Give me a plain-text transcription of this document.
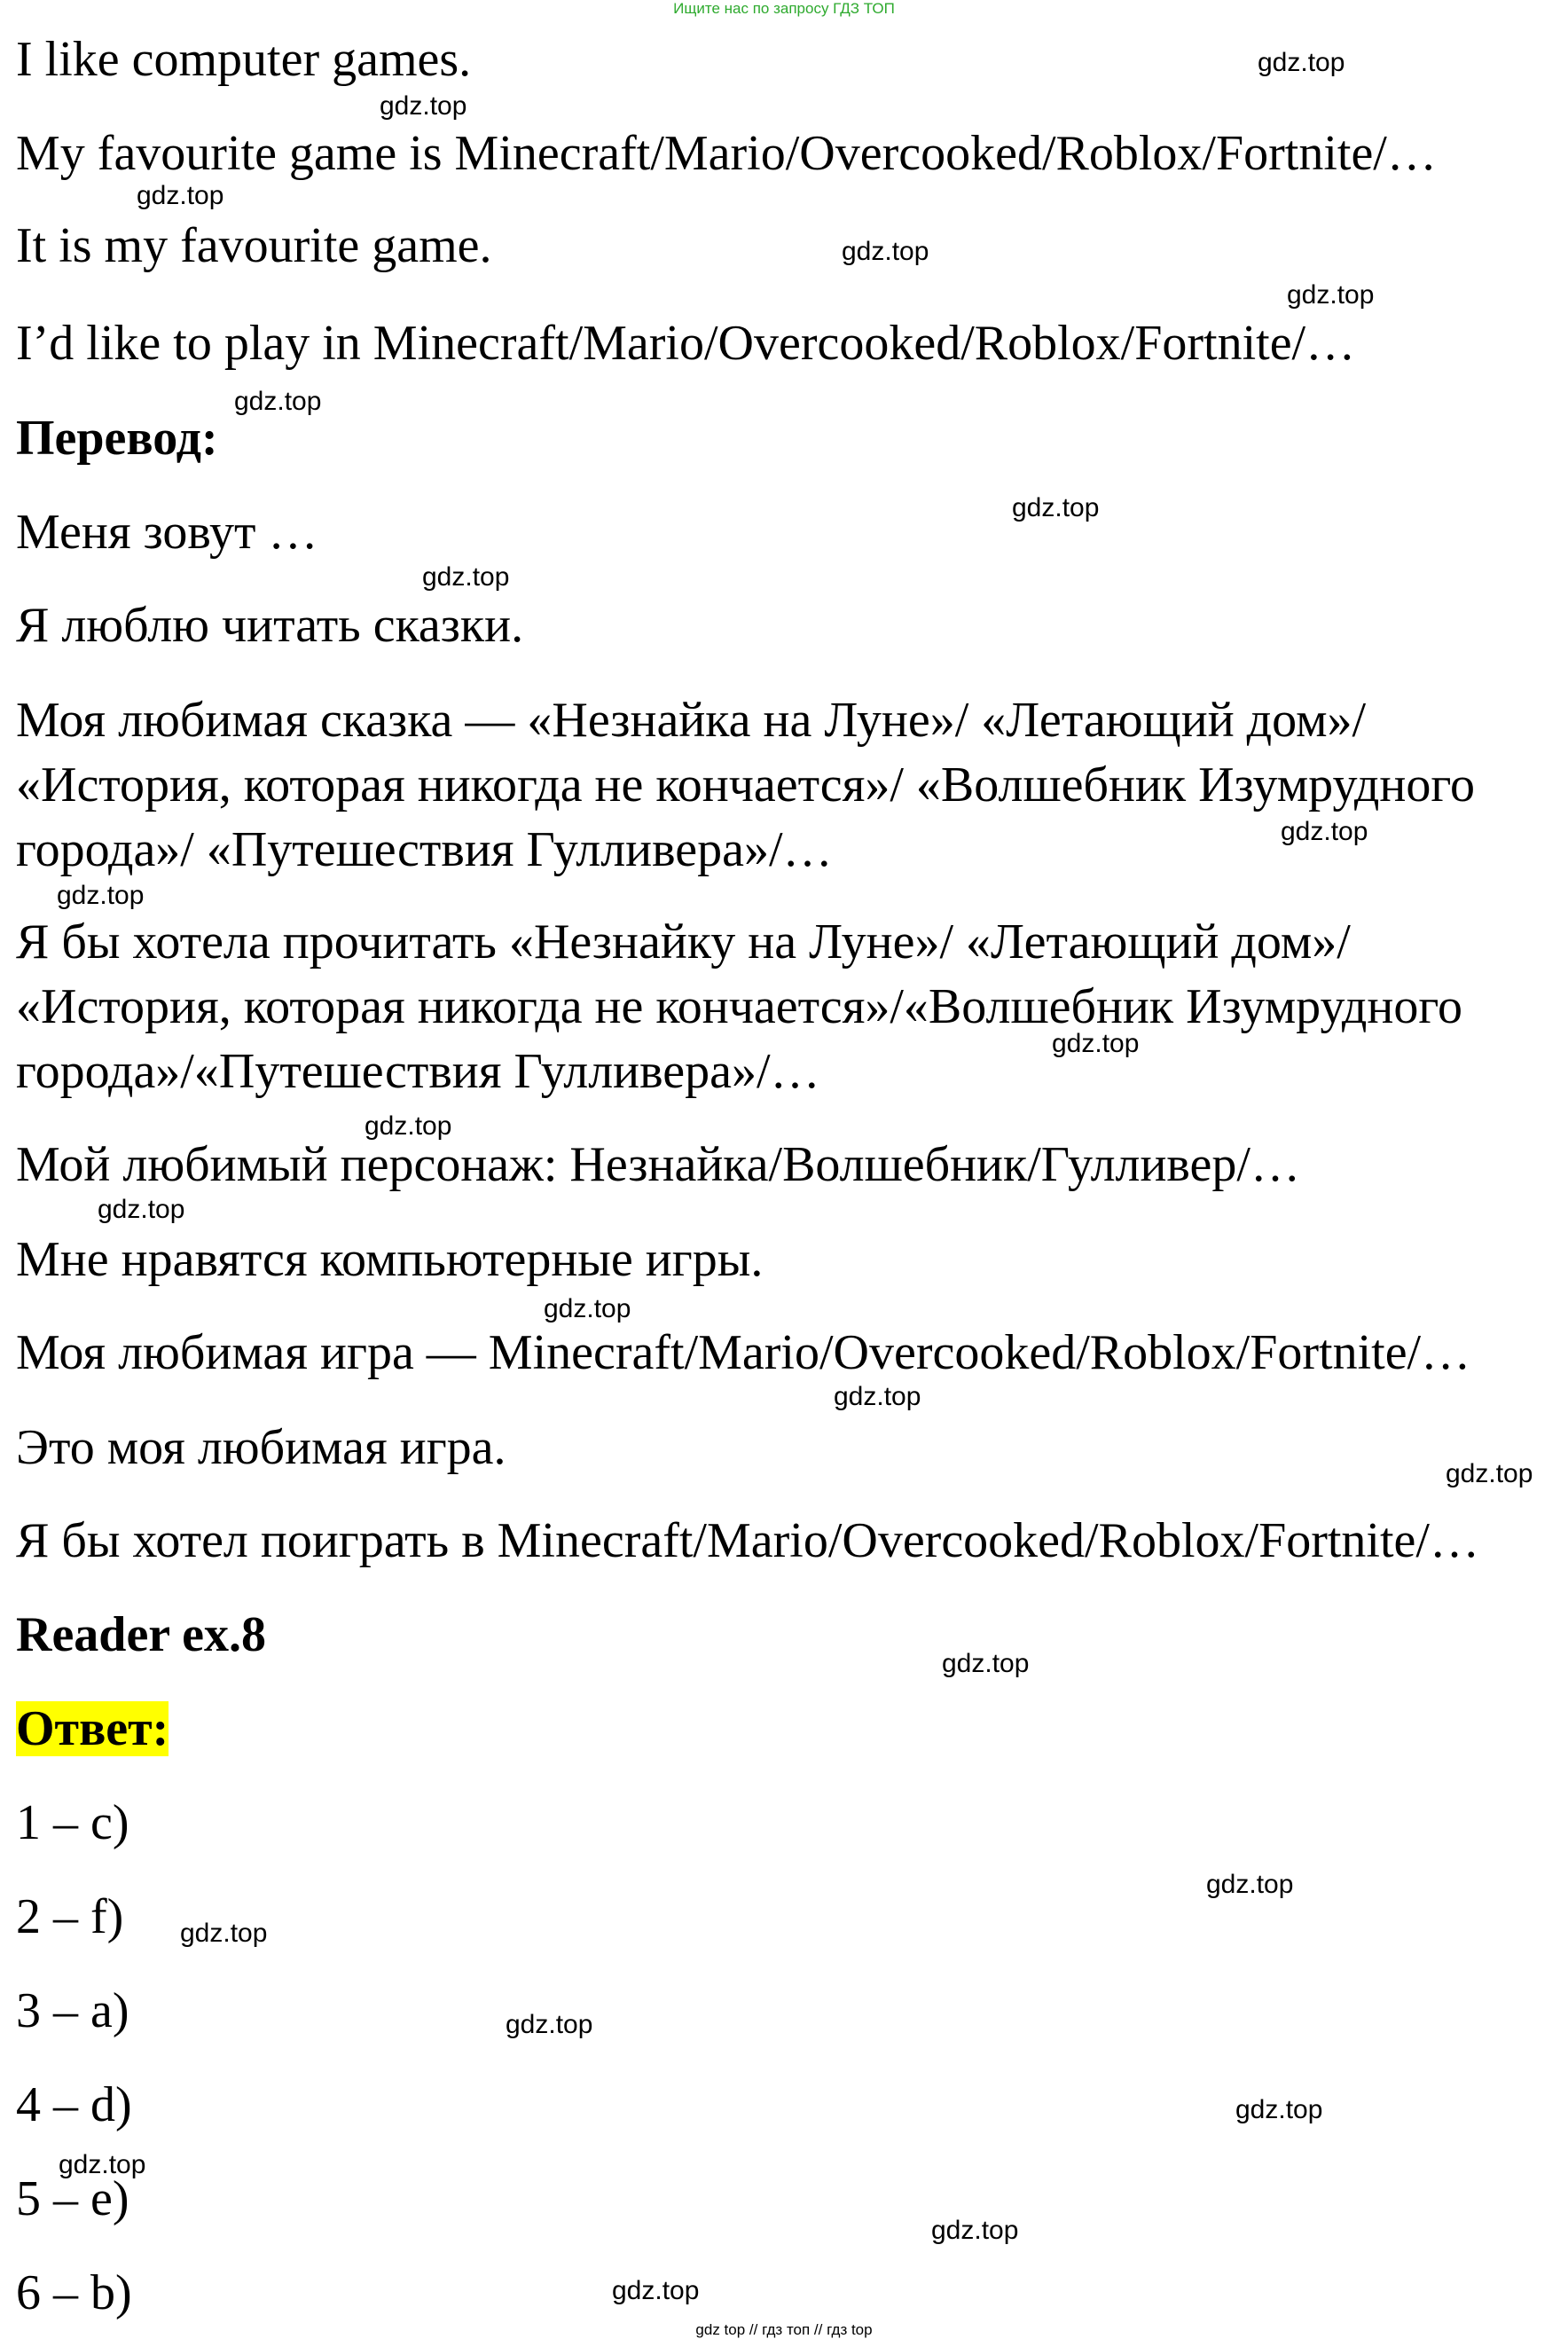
Ищите нас по запросу ГДЗ ТОП
I like computer games.
My favourite game is Minecraft/Mario/Overcooked/Roblox/Fortnite/…
It is my favourite game.
I’d like to play in Minecraft/Mario/Overcooked/Roblox/Fortnite/…
Перевод:
Меня зовут …
Я люблю читать сказки.
Моя любимая сказка — «Незнайка на Луне»/ «Летающий дом»/
«История, которая никогда не кончается»/ «Волшебник Изумрудного
города»/ «Путешествия Гулливера»/…
Я бы хотела прочитать «Незнайку на Луне»/ «Летающий дом»/
«История, которая никогда не кончается»/«Волшебник Изумрудного
города»/«Путешествия Гулливера»/…
Мой любимый персонаж: Незнайка/Волшебник/Гулливер/…
Мне нравятся компьютерные игры.
Моя любимая игра — Minecraft/Mario/Overcooked/Roblox/Fortnite/…
Это моя любимая игра.
Я бы хотел поиграть в Minecraft/Mario/Overcooked/Roblox/Fortnite/…
Reader ex.8
Ответ:
1 – c)
2 – f)
3 – a)
4 – d)
5 – e)
6 – b)
gdz.top
gdz.top
gdz.top
gdz.top
gdz.top
gdz.top
gdz.top
gdz.top
gdz.top
gdz.top
gdz.top
gdz.top
gdz.top
gdz.top
gdz.top
gdz.top
gdz.top
gdz.top
gdz.top
gdz.top
gdz.top
gdz.top
gdz.top
gdz.top
gdz top // гдз топ // гдз top
